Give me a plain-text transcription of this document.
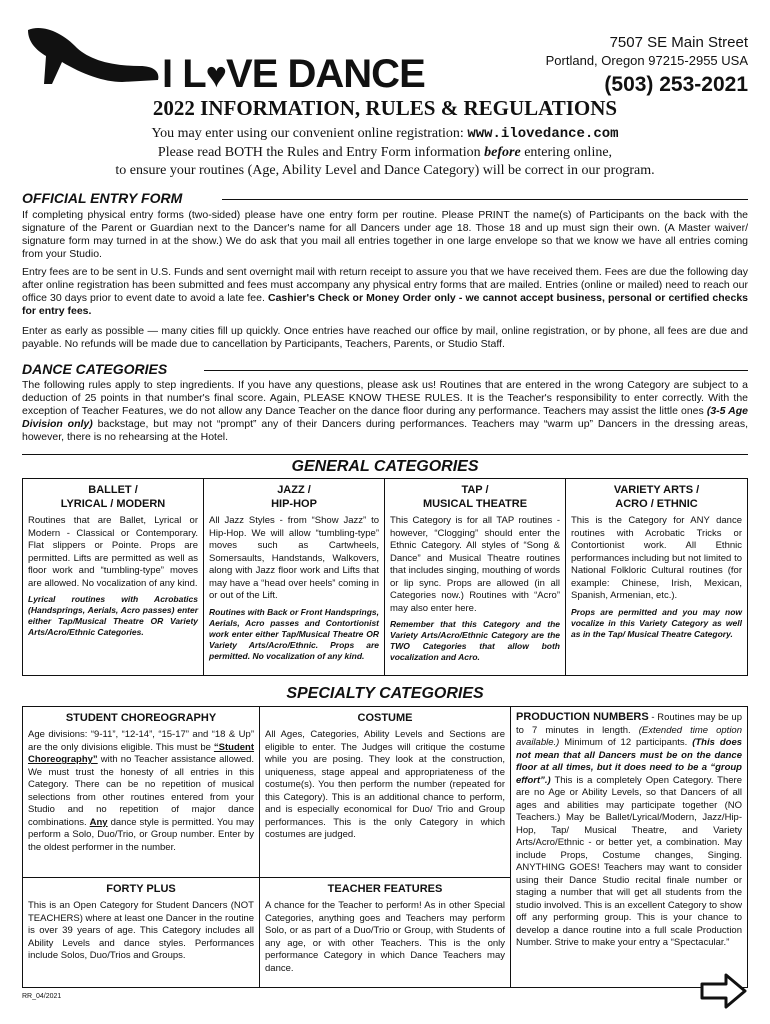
I L♥VE DANCE
7507 SE Main Street
Portland, Oregon 97215-2955 USA
(503) 253-2021
2022 INFORMATION, RULES & REGULATIONS
You may enter using our convenient online registration: www.ilovedance.com
Please read BOTH the Rules and Entry Form information before entering online,
to ensure your routines (Age, Ability Level and Dance Category) will be correct in our program.
OFFICIAL ENTRY FORM
If completing physical entry forms (two-sided) please have one entry form per routine. Please PRINT the name(s) of Participants on the back with the signature of the Parent or Guardian next to the Dancer's name for all Dancers under age 18. Those 18 and up must sign their own. (A Master waiver/ signature form may turned in at the show.) We do ask that you mail all entries together in one large envelope so that we know we have all entries coming from your Studio.
Entry fees are to be sent in U.S. Funds and sent overnight mail with return receipt to assure you that we have received them. Fees are due the following day after online registration has been submitted and fees must accompany any physical entry forms that are mailed. Entries (online or mailed) need to reach our office 30 days prior to event date to avoid a late fee. Cashier's Check or Money Order only - we cannot accept business, personal or certified checks for entry fees.
Enter as early as possible — many cities fill up quickly. Once entries have reached our office by mail, online registration, or by phone, all fees are due and payable. No refunds will be made due to cancellation by Participants, Teachers, Parents, or Studio Staff.
DANCE CATEGORIES
The following rules apply to step ingredients. If you have any questions, please ask us! Routines that are entered in the wrong Category are subject to a deduction of 25 points in that number's final score. Again, PLEASE KNOW THESE RULES. It is the Teacher's responsibility to enter correctly. With the exception of Teacher Features, we do not allow any Dance Teacher on the dance floor during any performance. Teachers may assist the little ones (3-5 Age Division only) backstage, but may not “prompt” any of their Dancers during performances. Teachers may “warm up” Dancers in the dressing areas, however, there is no rehearsing at the Hotel.
GENERAL CATEGORIES
BALLET /
LYRICAL / MODERN

Routines that are Ballet, Lyrical or Modern - Classical or Contemporary. Flat slippers or Pointe. Props are permitted. Lifts are permitted as well as floor work and “tumbling-type” moves are allowed. No vocalization of any kind.

Lyrical routines with Acrobatics (Handsprings, Aerials, Acro passes) enter either Tap/Musical Theatre OR Variety Arts/Acro/Ethnic Categories.

JAZZ /
HIP-HOP

All Jazz Styles - from “Show Jazz” to Hip-Hop. We will allow “tumbling-type” moves such as Cartwheels, Somersaults, Handstands, Walkovers, along with Jazz floor work and Lifts that may have a “head over heels” coming in or out of the Lift.

Routines with Back or Front Handsprings, Aerials, Acro passes and Contortionist work enter either Tap/Musical Theatre OR Variety Arts/Acro/Ethnic. Props are permitted. No vocalization of any kind.

TAP /
MUSICAL THEATRE

This Category is for all TAP routines - however, “Clogging” should enter the Ethnic Category. All styles of “Song & Dance” and Musical Theatre routines that includes singing, mouthing of words or lip sync. Props are allowed (in all Categories now.) Routines with “Acro” may also enter here.

Remember that this Category and the Variety Arts/Acro/Ethnic Category are the TWO Categories that allow both vocalization and Acro.

VARIETY ARTS /
ACRO / ETHNIC

This is the Category for ANY dance routines with Acrobatic Tricks or Contortionist work. All Ethnic performances including but not limited to National Folkloric Cultural routines (for example: Chinese, Irish, Mexican, Spanish, Armenian, etc.).

Props are permitted and you may now vocalize in this Variety Category as well as in the Tap/ Musical Theatre Category.

SPECIALTY CATEGORIES
STUDENT CHOREOGRAPHY

Age divisions: “9-11”, “12-14”, “15-17” and “18 & Up” are the only divisions eligible. This must be “Student Choreography” with no Teacher assistance allowed. We must trust the honesty of all entries in this Category. There can be no repetition of musical selections from other routines entered from your Studio and no repetition of major dance combinations. Any dance style is permitted. You may perform a Solo, Duo/Trio, or Group number. Enter by the oldest performer in the number.

COSTUME

All Ages, Categories, Ability Levels and Sections are eligible to enter. The Judges will critique the costume while you are posing. They look at the construction, uniqueness, stage appeal and appropriateness of the costume(s). You then perform the number (repeated for this Category). This is an additional chance to perform, and is especially economical for Duo/ Trio and Group performances. This is the only Category in which costumes are judged.

PRODUCTION NUMBERS - Routines may be up to 7 minutes in length. (Extended time option available.) Minimum of 12 participants. (This does not mean that all Dancers must be on the dance floor at all times, but it does need to be a “group effort”.) This is a completely Open Category. There are no Age or Ability Levels, so that Dancers of all ages and abilities may participate together (NO Teachers.) May be Ballet/Lyrical/Modern, Jazz/Hip-Hop, Tap/ Musical Theatre, and Variety Arts/Acro/Ethnic - or better yet, a combination. May include Props, Costume changes, Singing. ANYTHING GOES! Teachers may want to consider using their Dance Studio recital finale number or staging a number that will get all students from the studio involved. This is an excellent Category to show off any performing group. This is your chance to develop a dance routine into a full scale Production Number. Strive to make your entry a “Spectacular.”

FORTY PLUS

This is an Open Category for Student Dancers (NOT TEACHERS) where at least one Dancer in the routine is over 39 years of age. This Category includes all Ability Levels and dance styles. Performances include Solos, Duo/Trios and Groups.

TEACHER FEATURES

A chance for the Teacher to perform! As in other Special Categories, anything goes and Teachers may perform Solo, or as part of a Duo/Trio or Group, with Students of any age, or with other Teachers. This is the only performance Category in which Dance Teachers may dance.

RR_04/2021
